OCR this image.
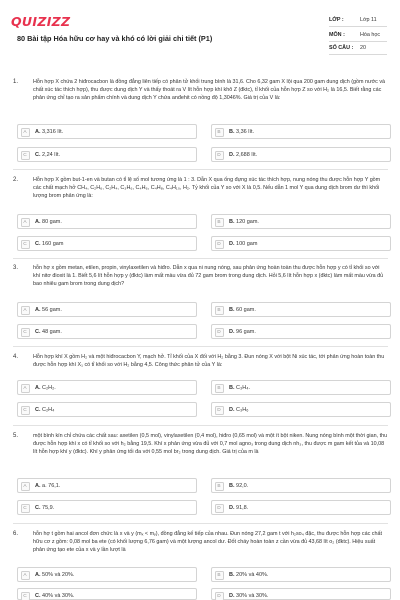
QUIZIZZ
80 Bài tập Hóa hữu cơ hay và khó có lời giải chi tiết (P1)
LỚP :	Lớp 11
MÔN :	Hóa học
SỐ CÂU : 20
1.	Hỗn hợp X chứa 2 hiđrocacbon là đồng đẳng liên tiếp có phân tử khối trung bình là 31,6. Cho 6,32 gam X lội qua 200 gam dung dịch (gồm nước và chất xúc tác thích hợp), thu được dung dịch Y và thấy thoát ra V lít hỗn hợp khí khô Z (đktc), tỉ khối của hỗn hợp Z so với H₂ là 16,5. Biết rằng các phản ứng chỉ tạo ra sản phẩm chính và dung dịch Y chứa anđehit có nồng độ 1,3046%. Giá trị của V là:
A	A. 3,316 lít.	B	B. 3,36 lít.
C	C. 2,24 lít.	D	D. 2,688 lít.
2.	Hỗn hợp X gồm but-1-en và butan có tỉ lệ số mol tương ứng là 1 : 3. Dẫn X qua ống đựng xúc tác thích hợp, nung nóng thu được hỗn hợp Y gồm các chất mạch hở CH₄, C₂H₆, C₂H₄, C₃H₆, C₄H₆, C₄H₈, C₄H₁₀, H₂. Tỷ khối của Y so với X là 0,5. Nếu dẫn 1 mol Y qua dung dịch brom dư thì khối lượng brom phản ứng là:
A	A. 80 gam.	B	B. 120 gam.
C	C. 160 gam	D	D. 100 gam
3.	hỗn hợ x gồm metan, etilen, propin, vinylaxetilen và hiđro. Dẫn x qua ni nung nóng, sau phản ứng hoàn toàn thu được hỗn hợp y có tỉ khối so với khí nitơ đioxit là 1. Biết 5,6 lít hỗn hợp y (đktc) làm mất màu vừa đủ 72 gam brom trong dung dịch. Hỏi 5,6 lít hỗn hợp x (đktc) làm mất màu vừa đủ bao nhiêu gam brom trong dung dịch?
A	A. 56 gam.	B	B. 60 gam.
C	C. 48 gam.	D	D. 96 gam.
4.	Hỗn hợp khí X gồm H₂ và một hiđrocacbon Y, mạch hở. Tỉ khối của X đối với H₂ bằng 3. Đun nóng X với bột Ni xúc tác, tới phản ứng hoàn toàn thu được hỗn hợp khí X₁ có tỉ khối so với H₂ bằng 4,5. Công thức phân tử của Y là:
A	A. C₂H₂.	B	B. C₃H₄.
C	C. C₂H₄	D	D. C₃H₆
5.	một bình kín chỉ chứa các chất sau: axetilen (0,5 mol), vinylaxetilen (0,4 mol), hiđro (0,65 mol) và một ít bột niken. Nung nóng bình một thời gian, thu được hỗn hợp khí x có tỉ khối so với h₂ bằng 19,5. Khí x phản ứng vừa đủ với 0,7 mol agno₃ trong dung dịch nh₃, thu được m gam kết tủa và 10,08 lít hỗn hợp khí y (đktc). Khí y phản ứng tối đa với 0,55 mol br₂ trong dung dịch. Giá trị của m là
A	A. a. 76,1.	B	B. 92,0.
C	C. 75,9.	D	D. 91,8.
6.	hỗn hợ t gồm hai ancol đơn chức là x và y (mₓ < mᵧ), đồng đẳng kế tiếp của nhau. Đun nóng 27,2 gam t với h₂so₄ đặc, thu được hỗn hợp các chất hữu cơ z gồm: 0,08 mol ba ete (có khối lượng 6,76 gam) và một lượng ancol dư. Đốt cháy hoàn toàn z cần vừa đủ 43,68 lít o₂ (đktc). Hiệu suất phản ứng tạo ete của x và y lần lượt là
A	A. 50% và 20%.	B	B. 20% và 40%.
C	C. 40% và 30%.	D	D. 30% và 30%.
